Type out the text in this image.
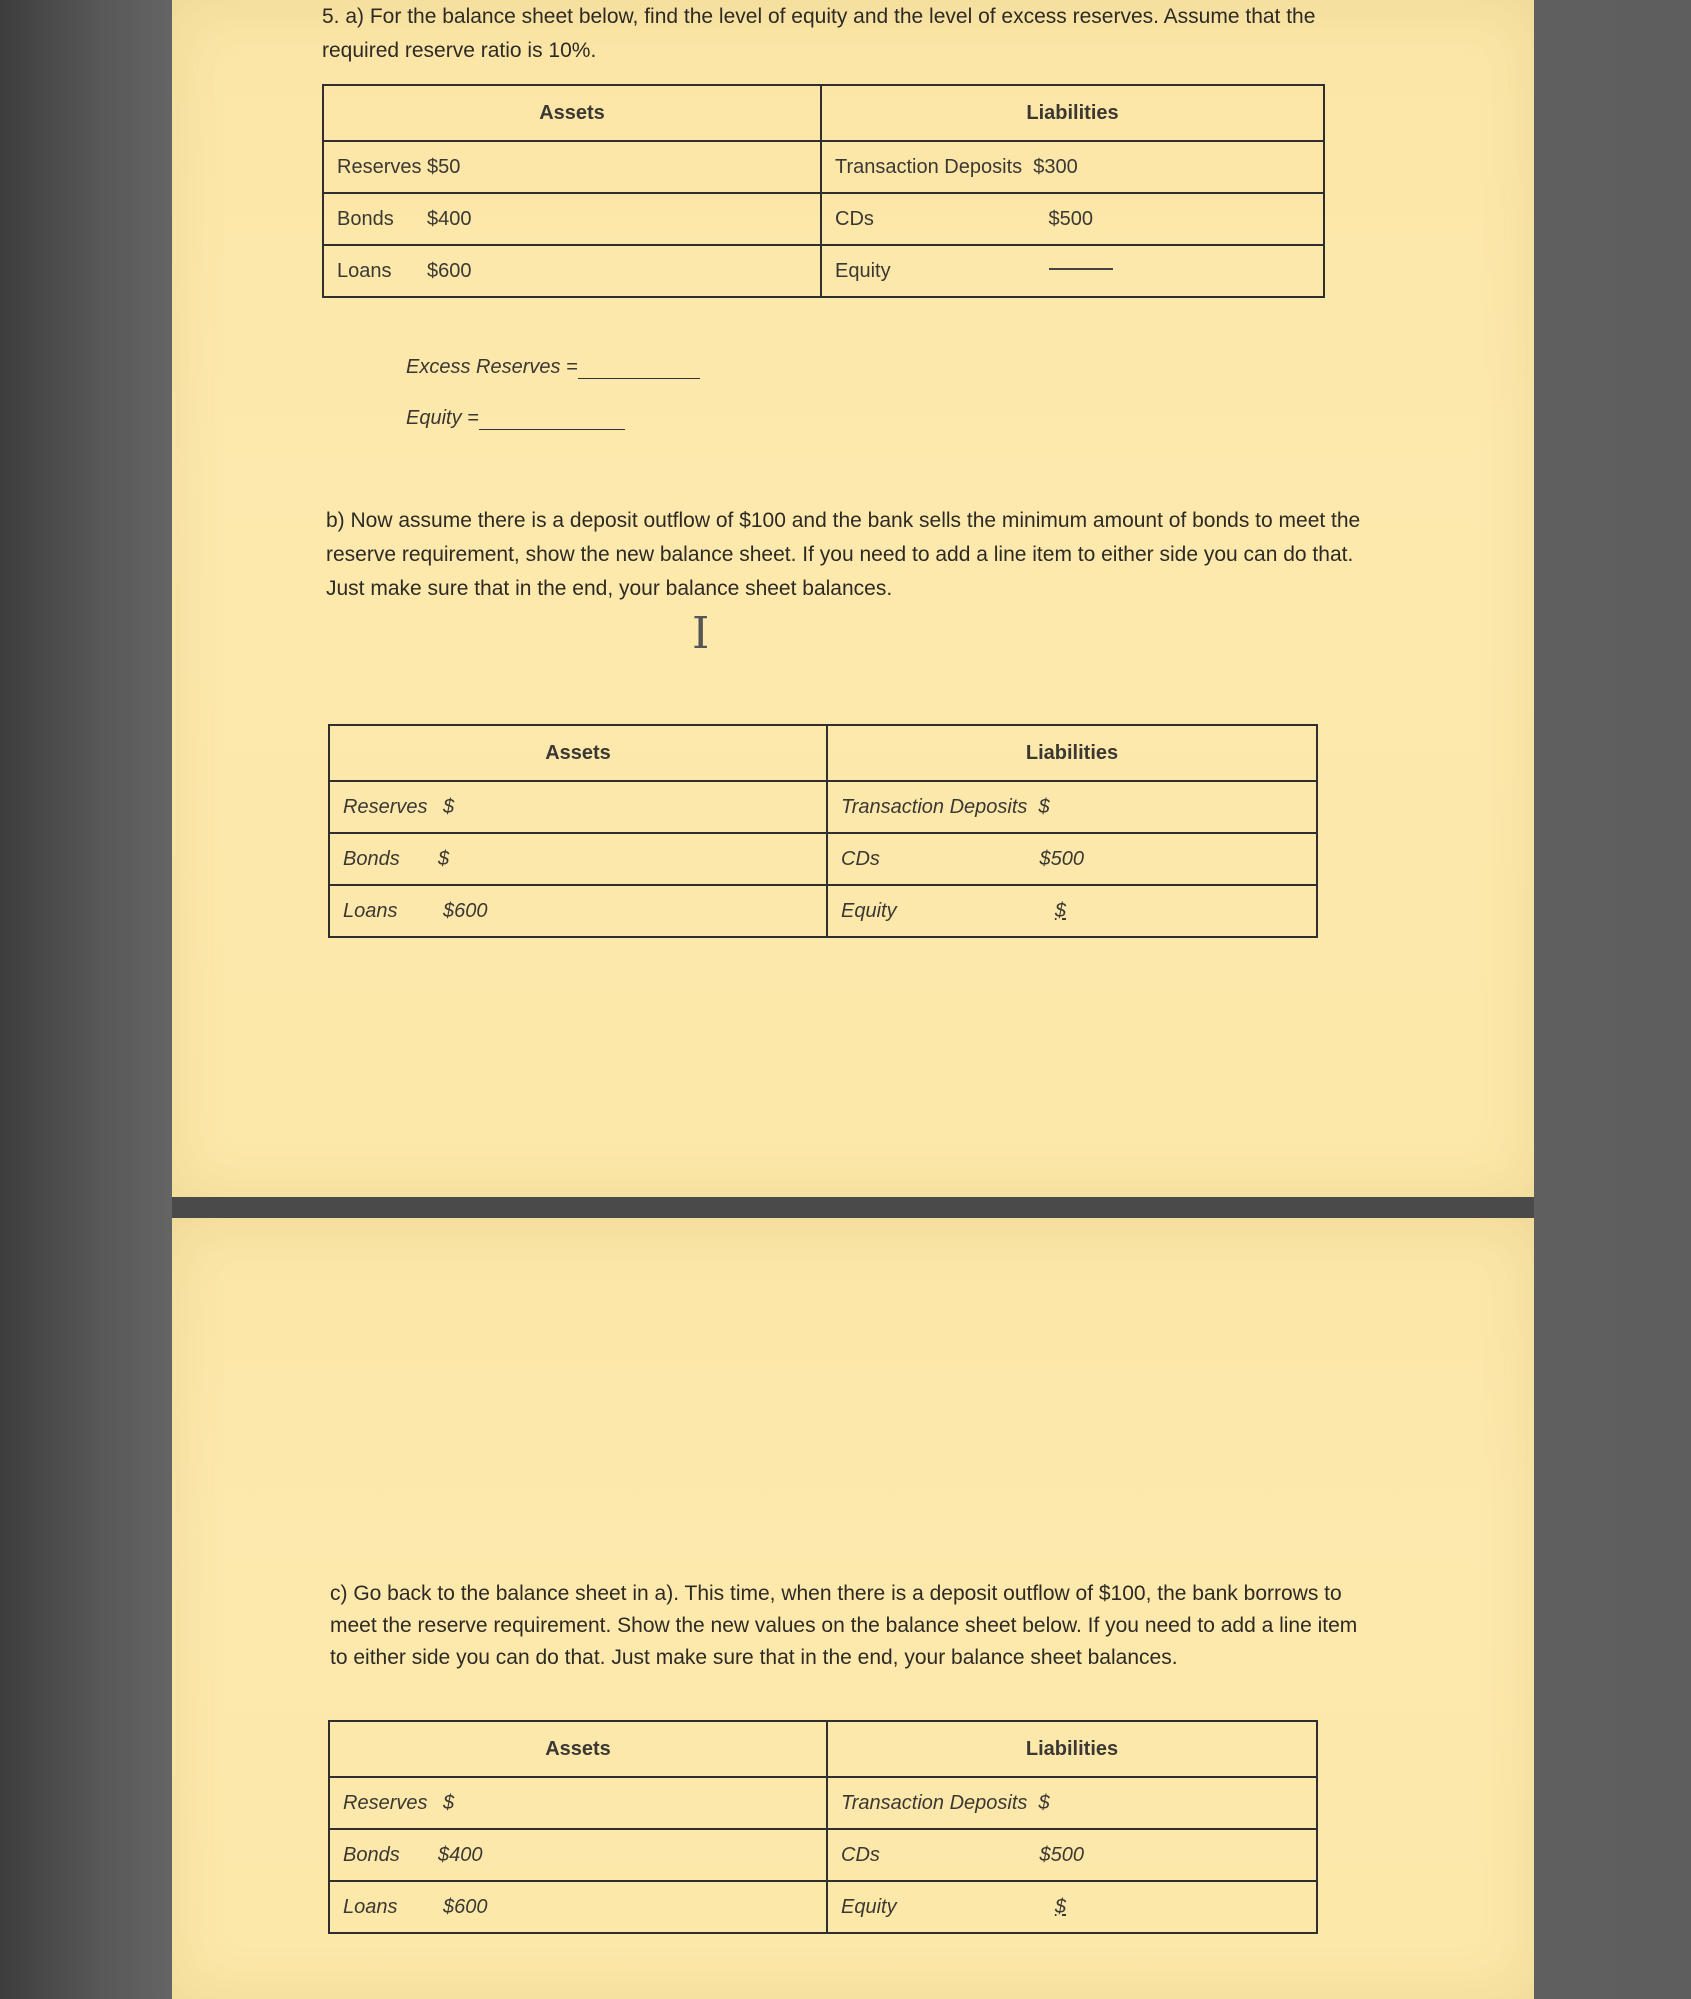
5. a) For the balance sheet below, find the level of equity and the level of excess reserves. Assume that the required reserve ratio is 10%.

Assets	Liabilities
Reserves $50	Transaction Deposits $300
Bonds $400	CDs $500

Loans $600	Equity
Excess Reserves =
Equity =

b) Now assume there is a deposit outflow of $100 and the bank sells the minimum amount of bonds to meet the reserve requirement, show the new balance sheet. If you need to add a line item to either side you can do that. Just make sure that in the end, your balance sheet balances.

I
Assets	Liabilities
Reserves $	Transaction Deposits $
Bonds $	CDs $500

Loans $600	Equity $

c) Go back to the balance sheet in a). This time, when there is a deposit outflow of $100, the bank borrows to meet the reserve requirement. Show the new values on the balance sheet below. If you need to add a line item to either side you can do that. Just make sure that in the end, your balance sheet balances.

Assets	Liabilities
Reserves $	Transaction Deposits $
Bonds $400	CDs $500

Loans $600	Equity $
